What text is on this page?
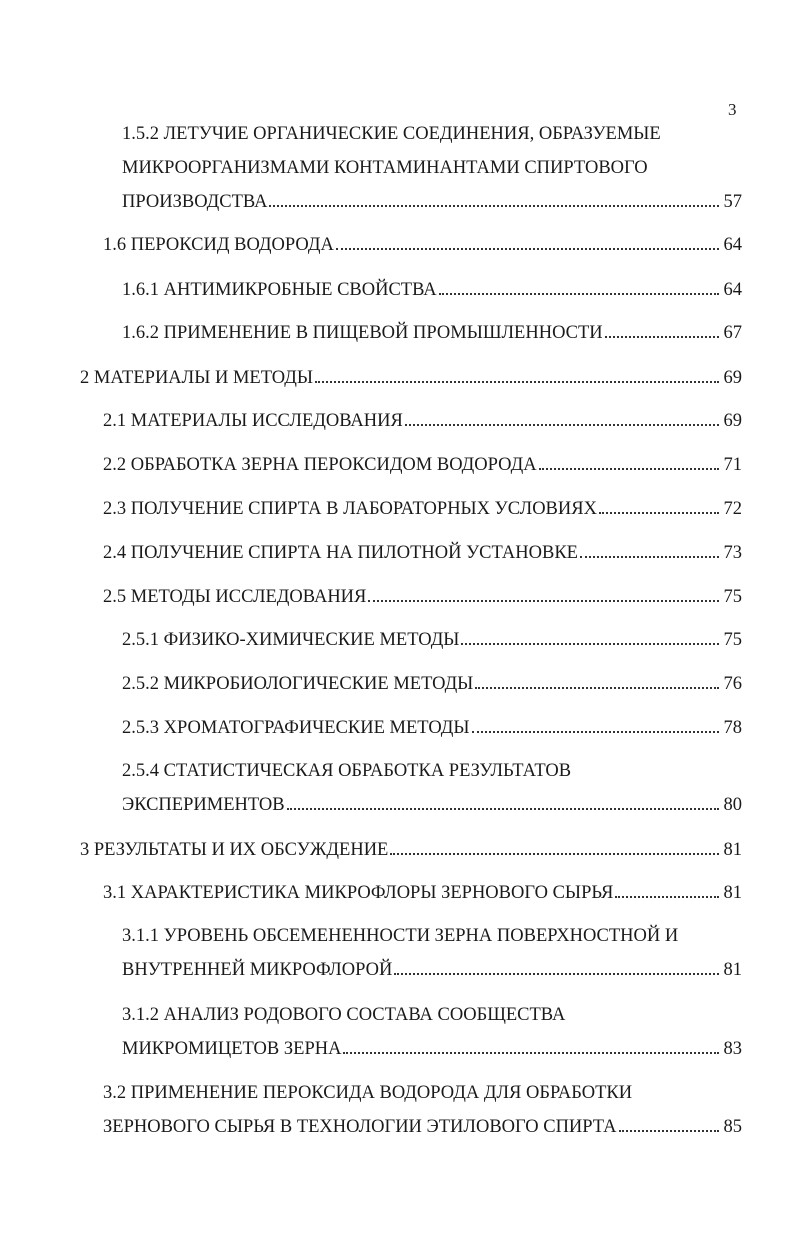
3
1.5.2 ЛЕТУЧИЕ ОРГАНИЧЕСКИЕ СОЕДИНЕНИЯ, ОБРАЗУЕМЫЕ
МИКРООРГАНИЗМАМИ КОНТАМИНАНТАМИ СПИРТОВОГО
ПРОИЗВОДСТВА	57
1.6 ПЕРОКСИД ВОДОРОДА	64
1.6.1 АНТИМИКРОБНЫЕ СВОЙСТВА	64
1.6.2 ПРИМЕНЕНИЕ В ПИЩЕВОЙ ПРОМЫШЛЕННОСТИ	67
2 МАТЕРИАЛЫ И МЕТОДЫ	69
2.1 МАТЕРИАЛЫ ИССЛЕДОВАНИЯ	69
2.2 ОБРАБОТКА ЗЕРНА ПЕРОКСИДОМ ВОДОРОДА	71
2.3 ПОЛУЧЕНИЕ СПИРТА В ЛАБОРАТОРНЫХ УСЛОВИЯХ	72
2.4 ПОЛУЧЕНИЕ СПИРТА НА ПИЛОТНОЙ УСТАНОВКЕ	73
2.5 МЕТОДЫ ИССЛЕДОВАНИЯ	75
2.5.1 ФИЗИКО-ХИМИЧЕСКИЕ МЕТОДЫ	75
2.5.2 МИКРОБИОЛОГИЧЕСКИЕ МЕТОДЫ	76
2.5.3 ХРОМАТОГРАФИЧЕСКИЕ МЕТОДЫ	78
2.5.4 СТАТИСТИЧЕСКАЯ ОБРАБОТКА РЕЗУЛЬТАТОВ
ЭКСПЕРИМЕНТОВ	80
3 РЕЗУЛЬТАТЫ И ИХ ОБСУЖДЕНИЕ	81
3.1 ХАРАКТЕРИСТИКА МИКРОФЛОРЫ ЗЕРНОВОГО СЫРЬЯ	81
3.1.1 УРОВЕНЬ ОБСЕМЕНЕННОСТИ ЗЕРНА ПОВЕРХНОСТНОЙ И
ВНУТРЕННЕЙ МИКРОФЛОРОЙ	81
3.1.2 АНАЛИЗ РОДОВОГО СОСТАВА СООБЩЕСТВА
МИКРОМИЦЕТОВ ЗЕРНА	83
3.2 ПРИМЕНЕНИЕ ПЕРОКСИДА ВОДОРОДА ДЛЯ ОБРАБОТКИ
ЗЕРНОВОГО СЫРЬЯ В ТЕХНОЛОГИИ ЭТИЛОВОГО СПИРТА	85
